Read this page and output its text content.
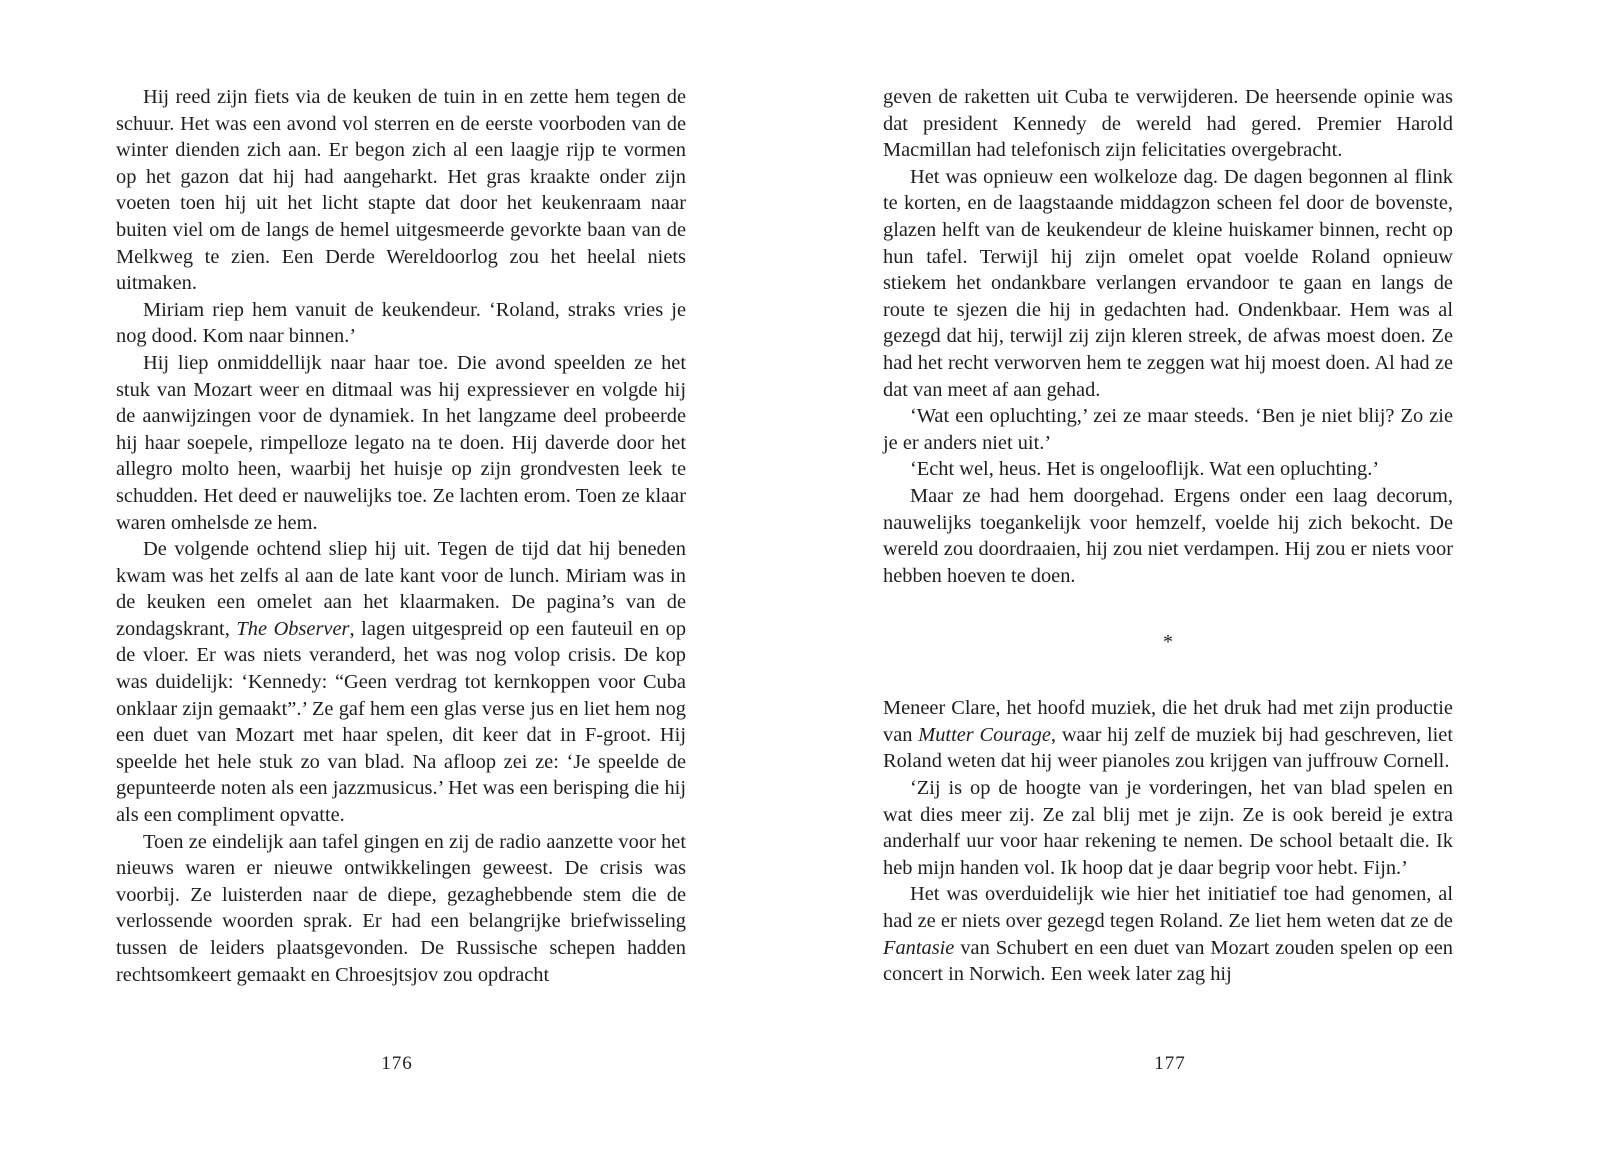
Hij reed zijn fiets via de keuken de tuin in en zette hem tegen de schuur. Het was een avond vol sterren en de eerste voorboden van de winter dienden zich aan. Er begon zich al een laagje rijp te vormen op het gazon dat hij had aangeharkt. Het gras kraakte onder zijn voeten toen hij uit het licht stapte dat door het keukenraam naar buiten viel om de langs de hemel uitgesmeerde gevorkte baan van de Melkweg te zien. Een Derde Wereldoorlog zou het heelal niets uitmaken.

Miriam riep hem vanuit de keukendeur. ‘Roland, straks vries je nog dood. Kom naar binnen.’

Hij liep onmiddellijk naar haar toe. Die avond speelden ze het stuk van Mozart weer en ditmaal was hij expressiever en volgde hij de aanwijzingen voor de dynamiek. In het langzame deel probeerde hij haar soepele, rimpelloze legato na te doen. Hij daverde door het allegro molto heen, waarbij het huisje op zijn grondvesten leek te schudden. Het deed er nauwelijks toe. Ze lachten erom. Toen ze klaar waren omhelsde ze hem.

De volgende ochtend sliep hij uit. Tegen de tijd dat hij beneden kwam was het zelfs al aan de late kant voor de lunch. Miriam was in de keuken een omelet aan het klaarmaken. De pagina’s van de zondagskrant, The Observer, lagen uitgespreid op een fauteuil en op de vloer. Er was niets veranderd, het was nog volop crisis. De kop was duidelijk: ‘Kennedy: “Geen verdrag tot kernkoppen voor Cuba onklaar zijn gemaakt”.’ Ze gaf hem een glas verse jus en liet hem nog een duet van Mozart met haar spelen, dit keer dat in F-groot. Hij speelde het hele stuk zo van blad. Na afloop zei ze: ‘Je speelde de gepunteerde noten als een jazzmusicus.’ Het was een berisping die hij als een compliment opvatte.

Toen ze eindelijk aan tafel gingen en zij de radio aanzette voor het nieuws waren er nieuwe ontwikkelingen geweest. De crisis was voorbij. Ze luisterden naar de diepe, gezaghebbende stem die de verlossende woorden sprak. Er had een belangrijke briefwisseling tussen de leiders plaatsgevonden. De Russische schepen hadden rechtsomkeert gemaakt en Chroesjtsjov zou opdracht

176

geven de raketten uit Cuba te verwijderen. De heersende opinie was dat president Kennedy de wereld had gered. Premier Harold Macmillan had telefonisch zijn felicitaties overgebracht.

Het was opnieuw een wolkeloze dag. De dagen begonnen al flink te korten, en de laagstaande middagzon scheen fel door de bovenste, glazen helft van de keukendeur de kleine huiskamer binnen, recht op hun tafel. Terwijl hij zijn omelet opat voelde Roland opnieuw stiekem het ondankbare verlangen ervandoor te gaan en langs de route te sjezen die hij in gedachten had. Ondenkbaar. Hem was al gezegd dat hij, terwijl zij zijn kleren streek, de afwas moest doen. Ze had het recht verworven hem te zeggen wat hij moest doen. Al had ze dat van meet af aan gehad.

‘Wat een opluchting,’ zei ze maar steeds. ‘Ben je niet blij? Zo zie je er anders niet uit.’

‘Echt wel, heus. Het is ongelooflijk. Wat een opluchting.’

Maar ze had hem doorgehad. Ergens onder een laag decorum, nauwelijks toegankelijk voor hemzelf, voelde hij zich bekocht. De wereld zou doordraaien, hij zou niet verdampen. Hij zou er niets voor hebben hoeven te doen.

*

Meneer Clare, het hoofd muziek, die het druk had met zijn productie van Mutter Courage, waar hij zelf de muziek bij had geschreven, liet Roland weten dat hij weer pianoles zou krijgen van juffrouw Cornell.

‘Zij is op de hoogte van je vorderingen, het van blad spelen en wat dies meer zij. Ze zal blij met je zijn. Ze is ook bereid je extra anderhalf uur voor haar rekening te nemen. De school betaalt die. Ik heb mijn handen vol. Ik hoop dat je daar begrip voor hebt. Fijn.’

Het was overduidelijk wie hier het initiatief toe had genomen, al had ze er niets over gezegd tegen Roland. Ze liet hem weten dat ze de Fantasie van Schubert en een duet van Mozart zouden spelen op een concert in Norwich. Een week later zag hij

177
